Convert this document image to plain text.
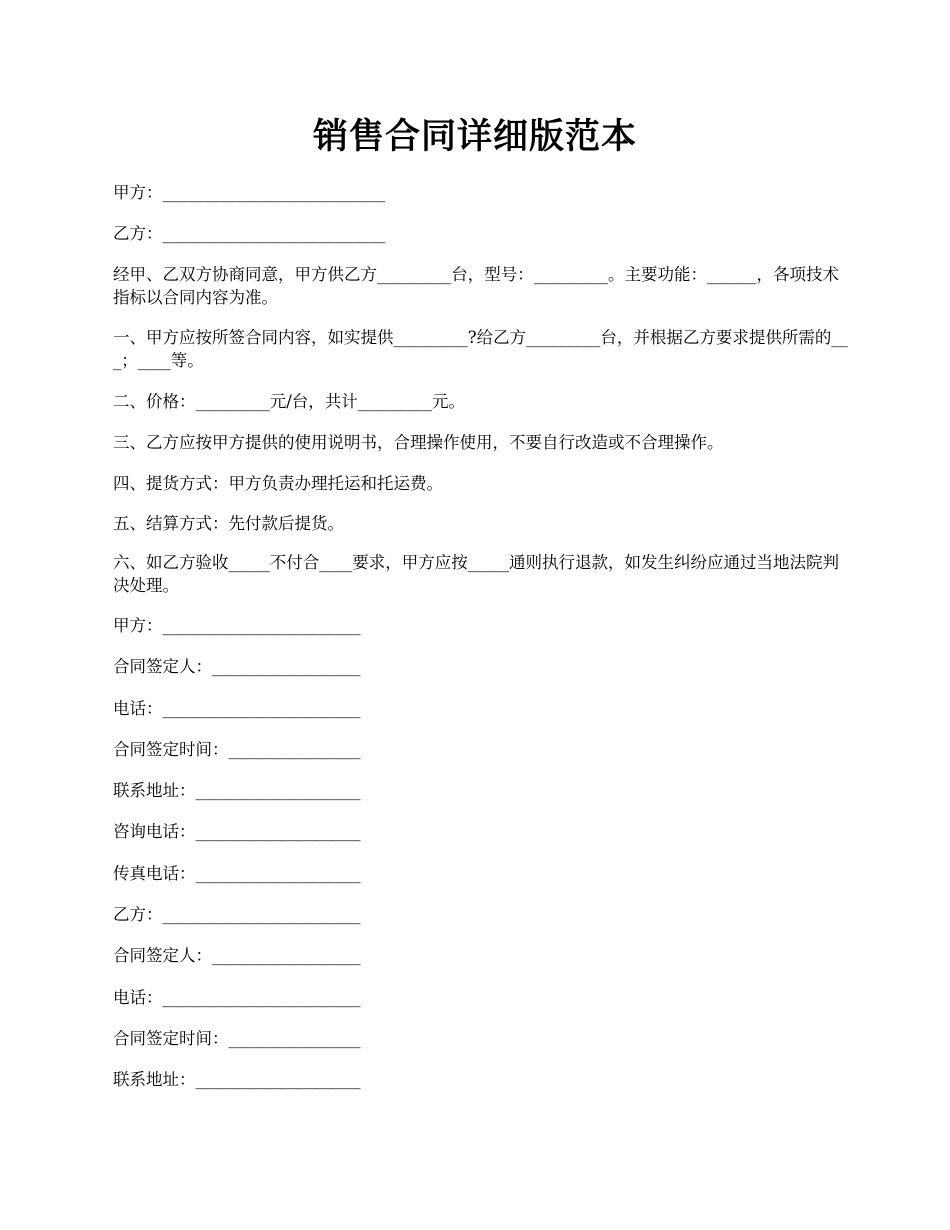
销售合同详细版范本
甲方：___________________________
乙方：___________________________
经甲、乙双方协商同意，甲方供乙方_________台，型号：_________。主要功能：______，各项技术指标以合同内容为准。
一、甲方应按所签合同内容，如实提供_________?给乙方_________台，并根据乙方要求提供所需的___；____等。
二、价格：_________元/台，共计_________元。
三、乙方应按甲方提供的使用说明书，合理操作使用，不要自行改造或不合理操作。
四、提货方式：甲方负责办理托运和托运费。
五、结算方式：先付款后提货。
六、如乙方验收_____不付合____要求，甲方应按_____通则执行退款，如发生纠纷应通过当地法院判决处理。
甲方：________________________
合同签定人：__________________
电话：________________________
合同签定时间：________________
联系地址：____________________
咨询电话：____________________
传真电话：____________________
乙方：________________________
合同签定人：__________________
电话：________________________
合同签定时间：________________
联系地址：____________________
